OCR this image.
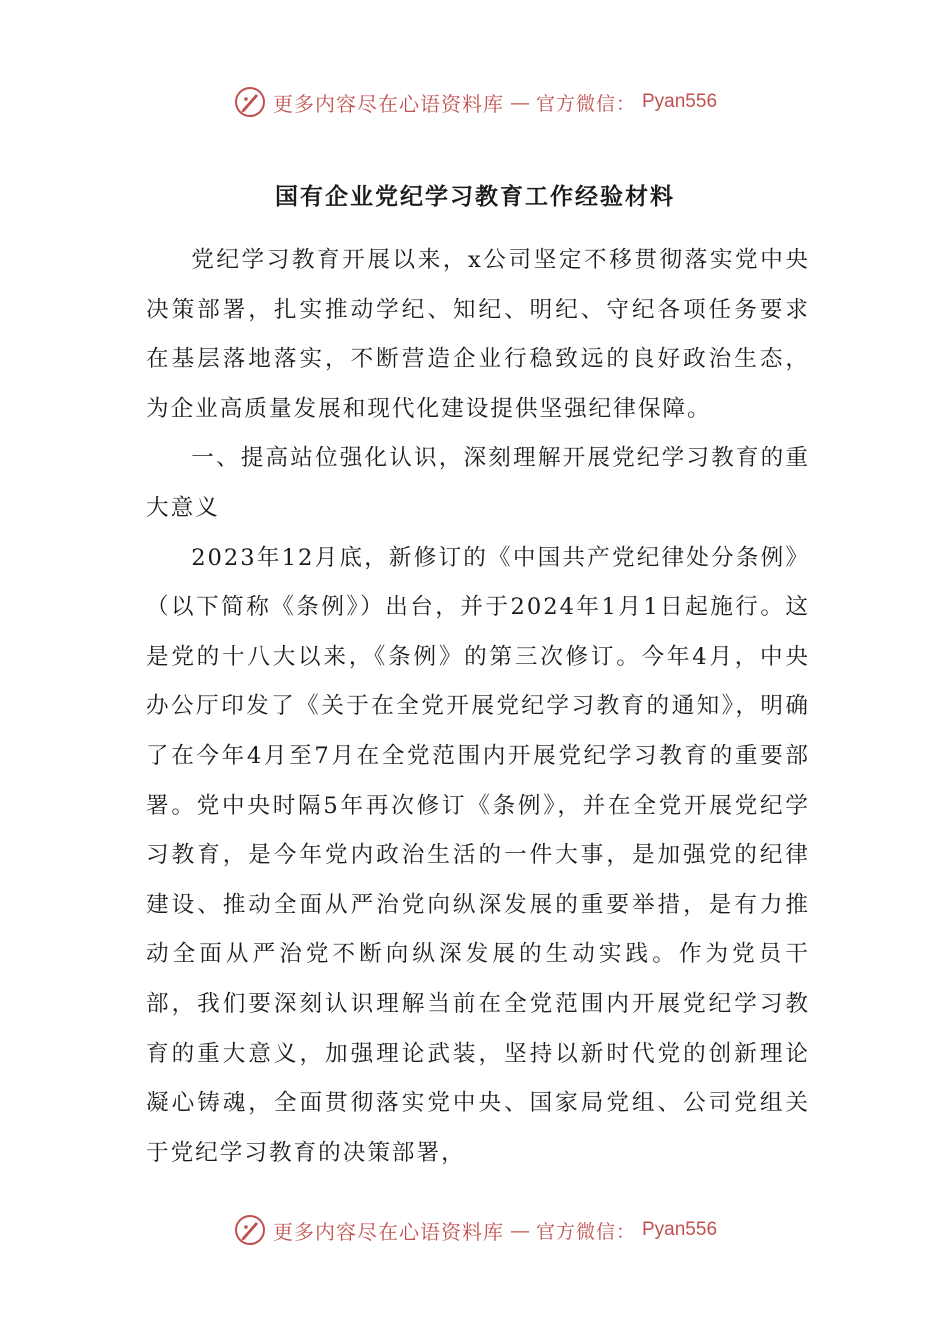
更多内容尽在心语资料库 — 官方微信： Pyan556
国有企业党纪学习教育工作经验材料

党纪学习教育开展以来，x公司坚定不移贯彻落实党中央决策部署，扎实推动学纪、知纪、明纪、守纪各项任务要求在基层落地落实，不断营造企业行稳致远的良好政治生态，为企业高质量发展和现代化建设提供坚强纪律保障。

一、提高站位强化认识，深刻理解开展党纪学习教育的重大意义

2023年12月底，新修订的《中国共产党纪律处分条例》（以下简称《条例》）出台，并于2024年1月1日起施行。这是党的十八大以来，《条例》的第三次修订。今年4月，中央办公厅印发了《关于在全党开展党纪学习教育的通知》，明确了在今年4月至7月在全党范围内开展党纪学习教育的重要部署。党中央时隔5年再次修订《条例》，并在全党开展党纪学习教育，是今年党内政治生活的一件大事，是加强党的纪律建设、推动全面从严治党向纵深发展的重要举措，是有力推动全面从严治党不断向纵深发展的生动实践。作为党员干部，我们要深刻认识理解当前在全党范围内开展党纪学习教育的重大意义，加强理论武装，坚持以新时代党的创新理论凝心铸魂，全面贯彻落实党中央、国家局党组、公司党组关于党纪学习教育的决策部署，

更多内容尽在心语资料库 — 官方微信： Pyan556
